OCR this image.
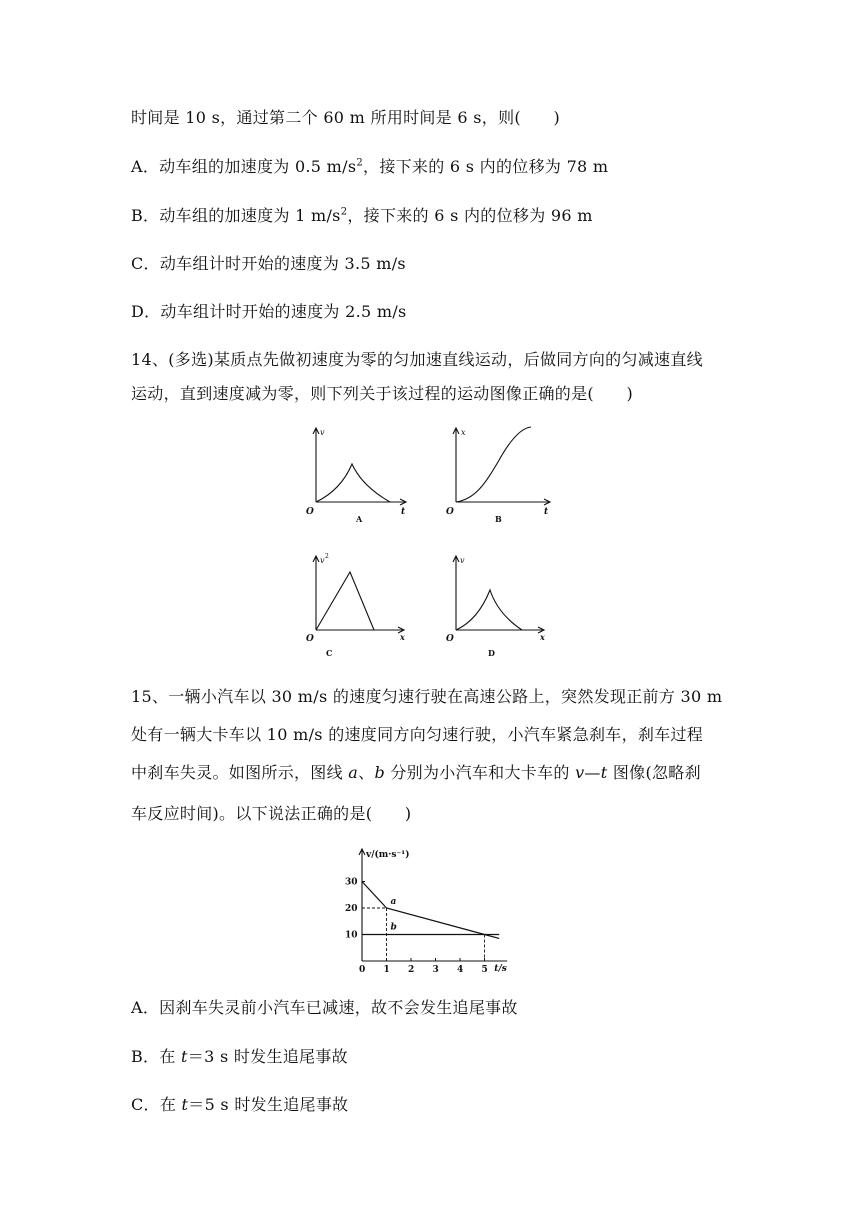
时间是 10 s，通过第二个 60 m 所用时间是 6 s，则(　　)
A．动车组的加速度为 0.5 $m/s^2$，接下来的 6 s 内的位移为 78 m
B．动车组的加速度为 1 $m/s^2$，接下来的 6 s 内的位移为 96 m
C．动车组计时开始的速度为 3.5 m/s
D．动车组计时开始的速度为 2.5 m/s
14、(多选)某质点先做初速度为零的匀加速直线运动，后做同方向的匀减速直线
运动，直到速度减为零，则下列关于该过程的运动图像正确的是(　　)
v
O	t
A
x
O	t
B
v 2
O	x
C
v
O	x
D
15、一辆小汽车以 30 m/s 的速度匀速行驶在高速公路上，突然发现正前方 30 m
处有一辆大卡车以 10 m/s 的速度同方向匀速行驶，小汽车紧急刹车，刹车过程
中刹车失灵。如图所示，图线 a、b 分别为小汽车和大卡车的 v—t 图像(忽略刹
车反应时间)。以下说法正确的是(　　)
v/(m·s⁻¹)
t/s
0 1 2 3 4 5
10
20
30
a
b
A．因刹车失灵前小汽车已减速，故不会发生追尾事故
B．在 t＝3 s 时发生追尾事故
C．在 t＝5 s 时发生追尾事故
